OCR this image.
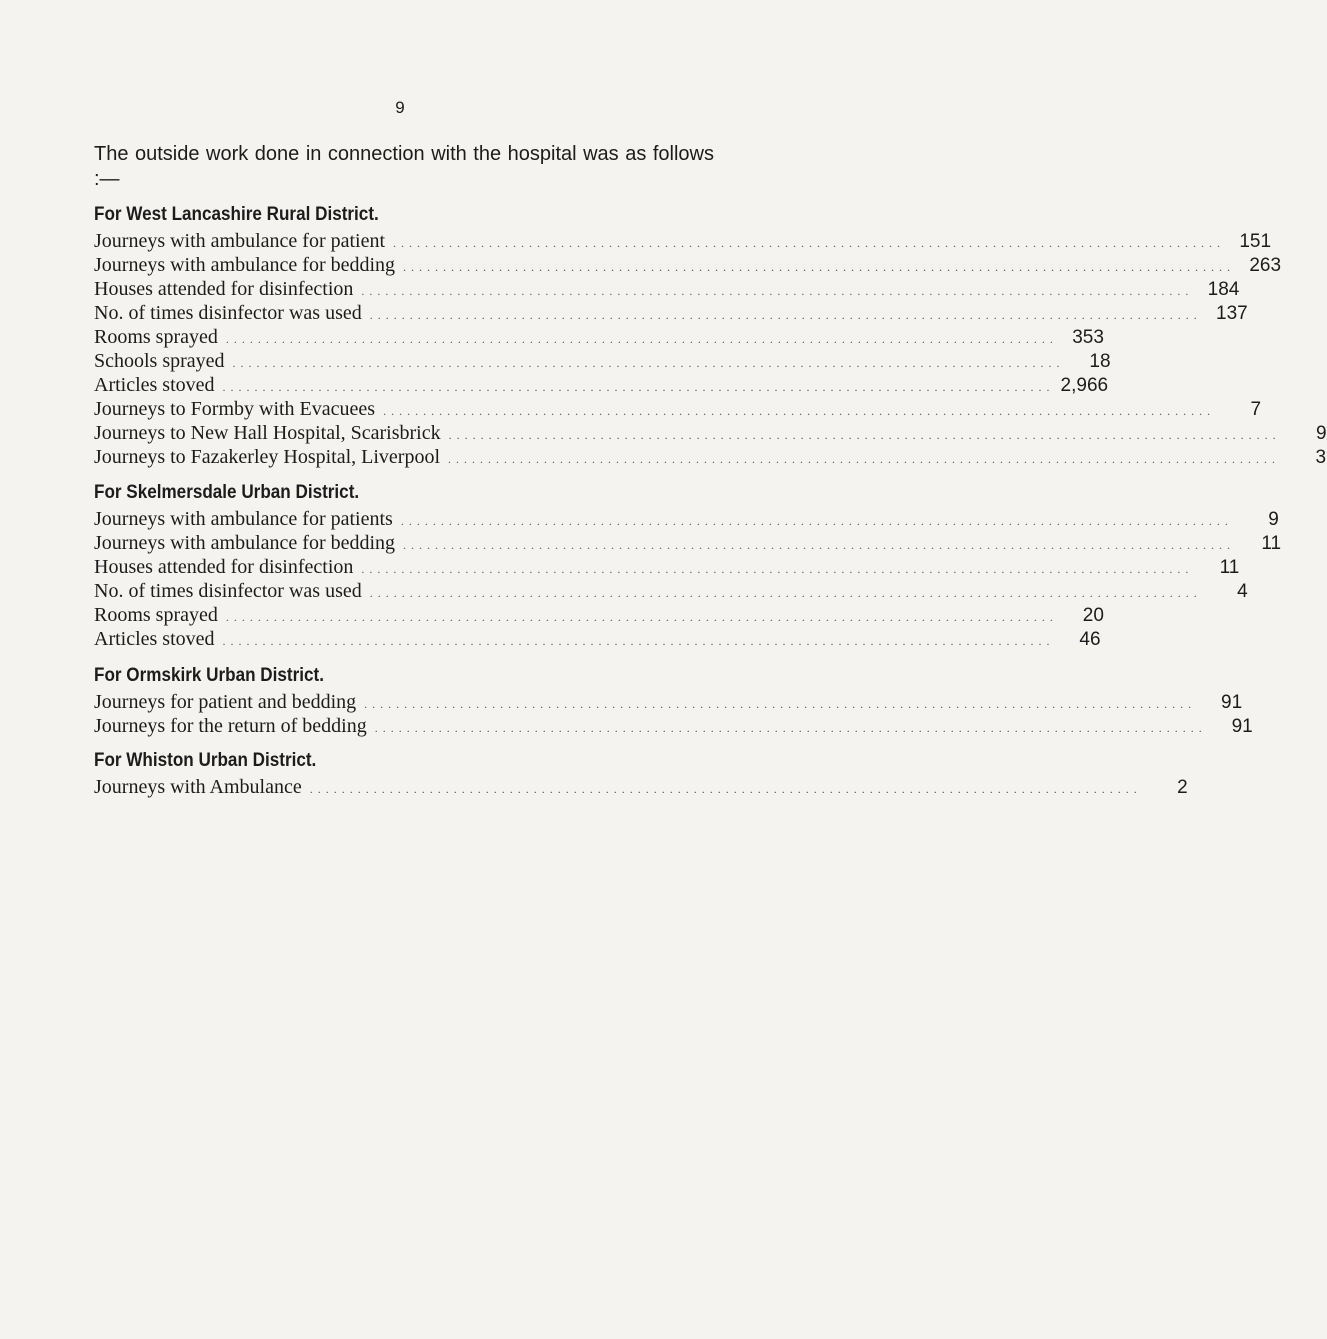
9
The outside work done in connection with the hospital was as follows :—
For West Lancashire Rural District.
Journeys with ambulance for patient ........................................................................................................ 151
Journeys with ambulance for bedding ........................................................................................................ 263
Houses attended for disinfection ........................................................................................................ 184
No. of times disinfector was used ........................................................................................................ 137
Rooms sprayed ........................................................................................................ 353
Schools sprayed ........................................................................................................	18
Articles stoved ........................................................................................................ 2,966
Journeys to Formby with Evacuees ........................................................................................................	7
Journeys to New Hall Hospital, Scarisbrick ........................................................................................................	9
Journeys to Fazakerley Hospital, Liverpool ........................................................................................................	3
For Skelmersdale Urban District.
Journeys with ambulance for patients ........................................................................................................	9
Journeys with ambulance for bedding ........................................................................................................	11
Houses attended for disinfection ........................................................................................................	11
No. of times disinfector was used ........................................................................................................	4
Rooms sprayed ........................................................................................................	20
Articles stoved ........................................................................................................	46
For Ormskirk Urban District.
Journeys for patient and bedding ........................................................................................................	91
Journeys for the return of bedding ........................................................................................................	91
For Whiston Urban District.
Journeys with Ambulance ........................................................................................................	2
